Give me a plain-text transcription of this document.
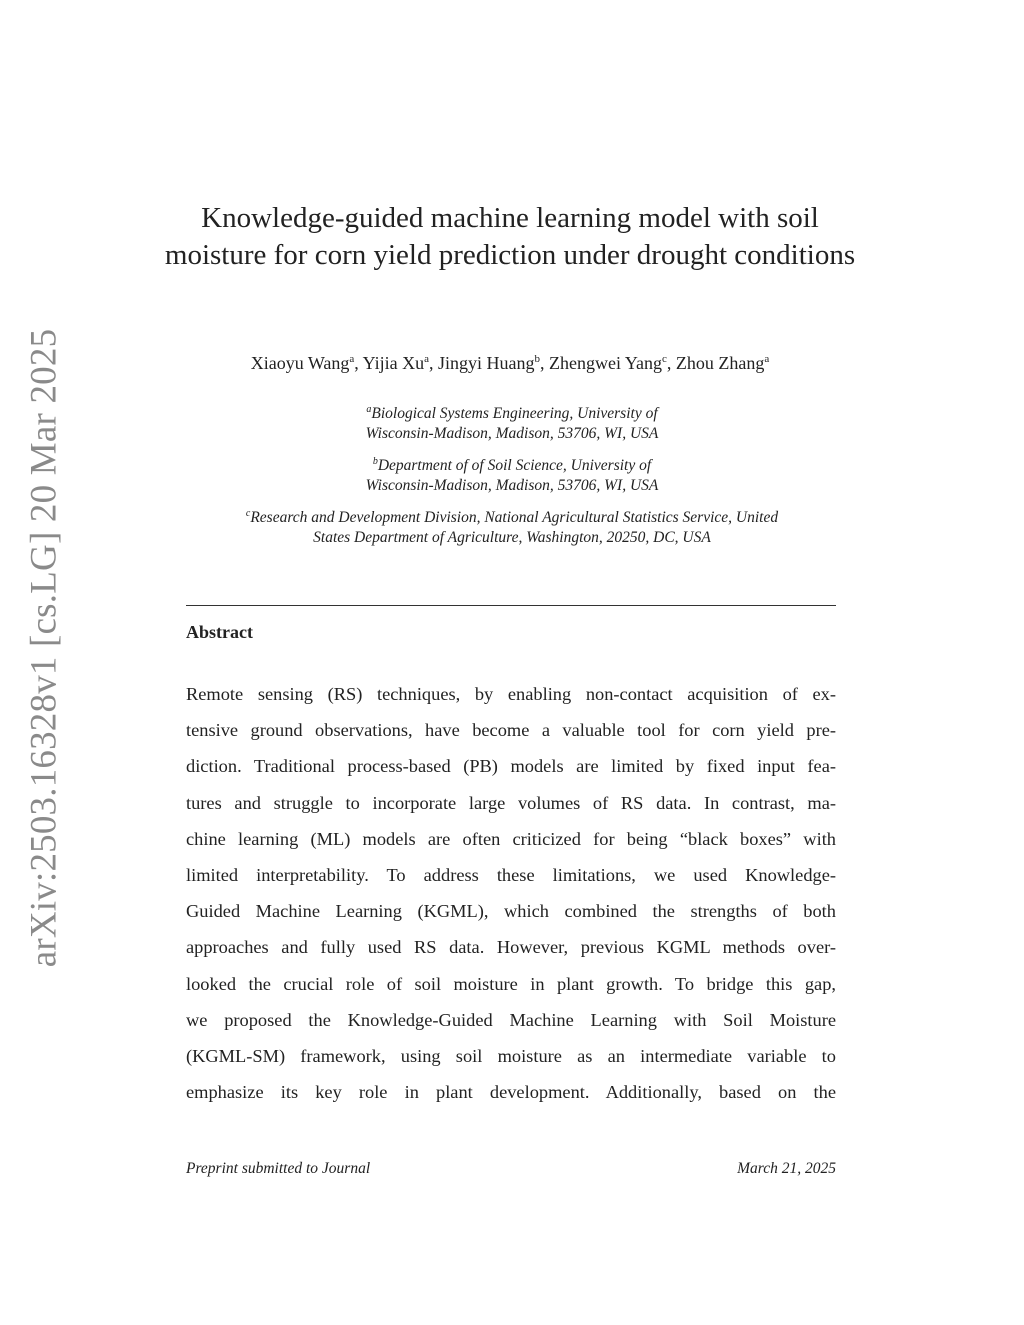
arXiv:2503.16328v1 [cs.LG] 20 Mar 2025
Knowledge-guided machine learning model with soil moisture for corn yield prediction under drought conditions
Xiaoyu Wang$^a$, Yijia Xu$^a$, Jingyi Huang$^b$, Zhengwei Yang$^c$, Zhou Zhang$^a$
$^a$Biological Systems Engineering, University of
Wisconsin-Madison, Madison, 53706, WI, USA
$^b$Department of of Soil Science, University of
Wisconsin-Madison, Madison, 53706, WI, USA
$^c$Research and Development Division, National Agricultural Statistics Service, United
States Department of Agriculture, Washington, 20250, DC, USA
Abstract
Remote sensing (RS) techniques, by enabling non-contact acquisition of ex-
tensive ground observations, have become a valuable tool for corn yield pre-
diction. Traditional process-based (PB) models are limited by fixed input fea-
tures and struggle to incorporate large volumes of RS data. In contrast, ma-
chine learning (ML) models are often criticized for being “black boxes” with
limited interpretability. To address these limitations, we used Knowledge-
Guided Machine Learning (KGML), which combined the strengths of both
approaches and fully used RS data. However, previous KGML methods over-
looked the crucial role of soil moisture in plant growth. To bridge this gap,
we proposed the Knowledge-Guided Machine Learning with Soil Moisture
(KGML-SM) framework, using soil moisture as an intermediate variable to
emphasize its key role in plant development. Additionally, based on the
Preprint submitted to Journal	March 21, 2025
